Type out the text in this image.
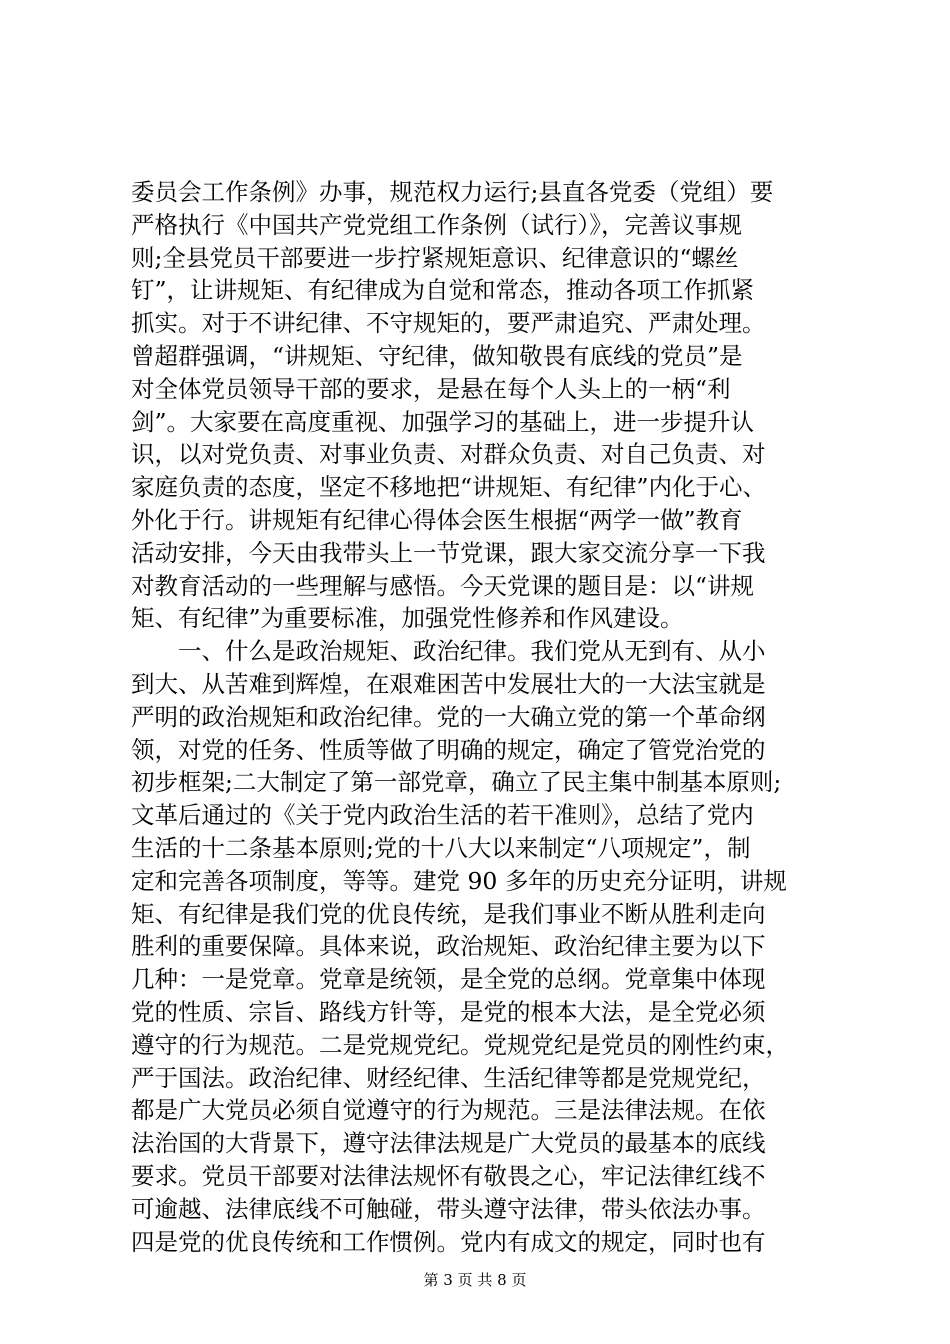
委员会工作条例》办事，规范权力运行;县直各党委（党组）要
严格执行《中国共产党党组工作条例（试行）》，完善议事规
则;全县党员干部要进一步拧紧规矩意识、纪律意识的“螺丝
钉”，让讲规矩、有纪律成为自觉和常态，推动各项工作抓紧
抓实。对于不讲纪律、不守规矩的，要严肃追究、严肃处理。
曾超群强调，“讲规矩、守纪律，做知敬畏有底线的党员”是
对全体党员领导干部的要求，是悬在每个人头上的一柄“利
剑”。大家要在高度重视、加强学习的基础上，进一步提升认
识，以对党负责、对事业负责、对群众负责、对自己负责、对
家庭负责的态度，坚定不移地把“讲规矩、有纪律”内化于心、
外化于行。讲规矩有纪律心得体会医生根据“两学一做”教育
活动安排，今天由我带头上一节党课，跟大家交流分享一下我
对教育活动的一些理解与感悟。今天党课的题目是：以“讲规
矩、有纪律”为重要标准，加强党性修养和作风建设。
　　一、什么是政治规矩、政治纪律。我们党从无到有、从小
到大、从苦难到辉煌，在艰难困苦中发展壮大的一大法宝就是
严明的政治规矩和政治纪律。党的一大确立党的第一个革命纲
领，对党的任务、性质等做了明确的规定，确定了管党治党的
初步框架;二大制定了第一部党章，确立了民主集中制基本原则;
文革后通过的《关于党内政治生活的若干准则》，总结了党内
生活的十二条基本原则;党的十八大以来制定“八项规定”，制
定和完善各项制度，等等。建党 90 多年的历史充分证明，讲规
矩、有纪律是我们党的优良传统，是我们事业不断从胜利走向
胜利的重要保障。具体来说，政治规矩、政治纪律主要为以下
几种：一是党章。党章是统领，是全党的总纲。党章集中体现
党的性质、宗旨、路线方针等，是党的根本大法，是全党必须
遵守的行为规范。二是党规党纪。党规党纪是党员的刚性约束，
严于国法。政治纪律、财经纪律、生活纪律等都是党规党纪，
都是广大党员必须自觉遵守的行为规范。三是法律法规。在依
法治国的大背景下，遵守法律法规是广大党员的最基本的底线
要求。党员干部要对法律法规怀有敬畏之心，牢记法律红线不
可逾越、法律底线不可触碰，带头遵守法律，带头依法办事。
四是党的优良传统和工作惯例。党内有成文的规定，同时也有
第 3 页 共 8 页
